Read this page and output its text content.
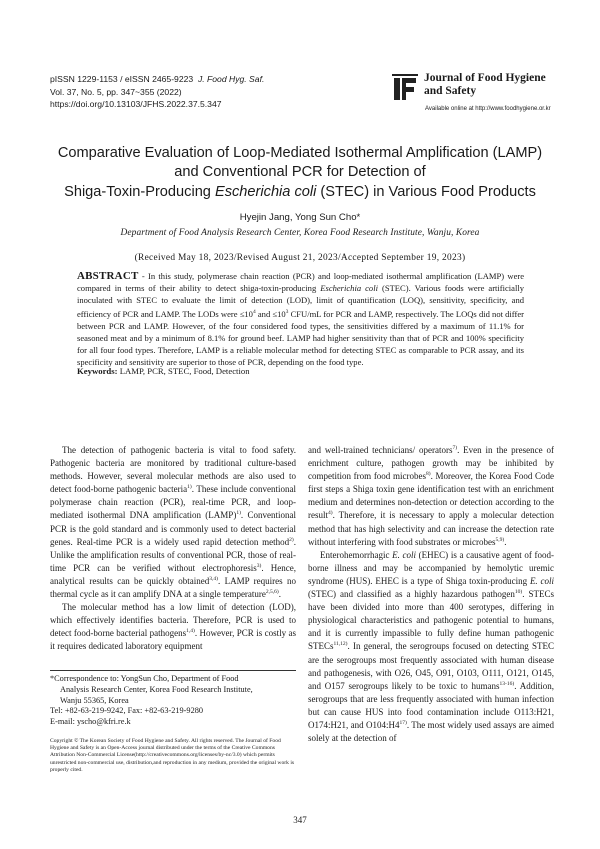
pISSN 1229-1153 / eISSN 2465-9223 J. Food Hyg. Saf.
Vol. 37, No. 5, pp. 347~355 (2022)
https://doi.org/10.13103/JFHS.2022.37.5.347
Journal of Food Hygiene
and Safety
Available online at http://www.foodhygiene.or.kr
Comparative Evaluation of Loop-Mediated Isothermal Amplification (LAMP)
and Conventional PCR for Detection of
Shiga-Toxin-Producing Escherichia coli (STEC) in Various Food Products
Hyejin Jang, Yong Sun Cho*
Department of Food Analysis Research Center, Korea Food Research Institute, Wanju, Korea
(Received May 18, 2023/Revised August 21, 2023/Accepted September 19, 2023)
ABSTRACT - In this study, polymerase chain reaction (PCR) and loop-mediated isothermal amplification (LAMP) were compared in terms of their ability to detect shiga-toxin-producing Escherichia coli (STEC). Various foods were artificially inoculated with STEC to evaluate the limit of detection (LOD), limit of quantification (LOQ), sensitivity, specificity, and efficiency of PCR and LAMP. The LODs were $\le 10^4$ and $\le 10^3$ CFU/mL for PCR and LAMP, respectively. The LOQs did not differ between PCR and LAMP. However, of the four considered food types, the sensitivities differed by a maximum of 11.1% for seasoned meat and by a minimum of 8.1% for ground beef. LAMP had higher sensitivity than that of PCR and 100% specificity for all four food types. Therefore, LAMP is a reliable molecular method for detecting STEC as comparable to PCR assay, and its specificity and sensitivity are superior to those of PCR, depending on the food type.
Keywords: LAMP, PCR, STEC, Food, Detection

The detection of pathogenic bacteria is vital to food safety. Pathogenic bacteria are monitored by traditional culture-based methods. However, several molecular methods are also used to detect food-borne pathogenic bacteria$^{1)}$. These include conventional polymerase chain reaction (PCR), real-time PCR, and loop-mediated isothermal DNA amplification (LAMP)$^{1)}$. Conventional PCR is the gold standard and is commonly used to detect bacterial genes. Real-time PCR is a widely used rapid detection method$^{2)}$. Unlike the amplification results of conventional PCR, those of real-time PCR can be verified without electrophoresis$^{3)}$. Hence, analytical results can be quickly obtained$^{3,4)}$. LAMP requires no thermal cycle as it can amplify DNA at a single temperature$^{2,5,6)}$.

The molecular method has a low limit of detection (LOD), which effectively identifies bacteria. Therefore, PCR is used to detect food-borne bacterial pathogens$^{1,4)}$. However, PCR is costly as it requires dedicated laboratory equipment

and well-trained technicians/ operators$^{7)}$. Even in the presence of enrichment culture, pathogen growth may be inhibited by competition from food microbes$^{8)}$. Moreover, the Korea Food Code first steps a Shiga toxin gene identification test with an enrichment medium and determines non-detection or detection according to the result$^{4)}$. Therefore, it is necessary to apply a molecular detection method that has high selectivity and can increase the detection rate without interfering with food substrates or microbes$^{5,9)}$.

Enterohemorrhagic E. coli (EHEC) is a causative agent of food-borne illness and may be accompanied by hemolytic uremic syndrome (HUS). EHEC is a type of Shiga toxin-producing E. coli (STEC) and classified as a highly hazardous pathogen$^{10)}$. STECs have been divided into more than 400 serotypes, differing in physiological characteristics and pathogenic potential to humans, and it is currently impassible to fully define human pathogenic STECs$^{11,12)}$. In general, the serogroups focused on detecting STEC are the serogroups most frequently associated with human disease and pathogenesis, with O26, O45, O91, O103, O111, O121, O145, and O157 serogroups likely to be toxic to humans$^{13-16)}$. Addition, serogroups that are less frequently associated with human infection but can cause HUS into food contamination include O113:H21, O174:H21, and O104:H4$^{17)}$. The most widely used assays are aimed solely at the detection of

*Correspondence to: YongSun Cho, Department of Food
Analysis Research Center, Korea Food Research Institute,
Wanju 55365, Korea
Tel: +82-63-219-9242, Fax: +82-63-219-9280
E-mail: yscho@kfri.re.k
Copyright © The Korean Society of Food Hygiene and Safety. All rights reserved. The Journal of Food Hygiene and Safety is an Open-Access journal distributed under the terms of the Creative Commons Attribution Non-Commercial License(http://creativecommons.org/licenses/by-nc/3.0) which permits unrestricted non-commercial use, distribution,and reproduction in any medium, provided the original work is properly cited.
347
